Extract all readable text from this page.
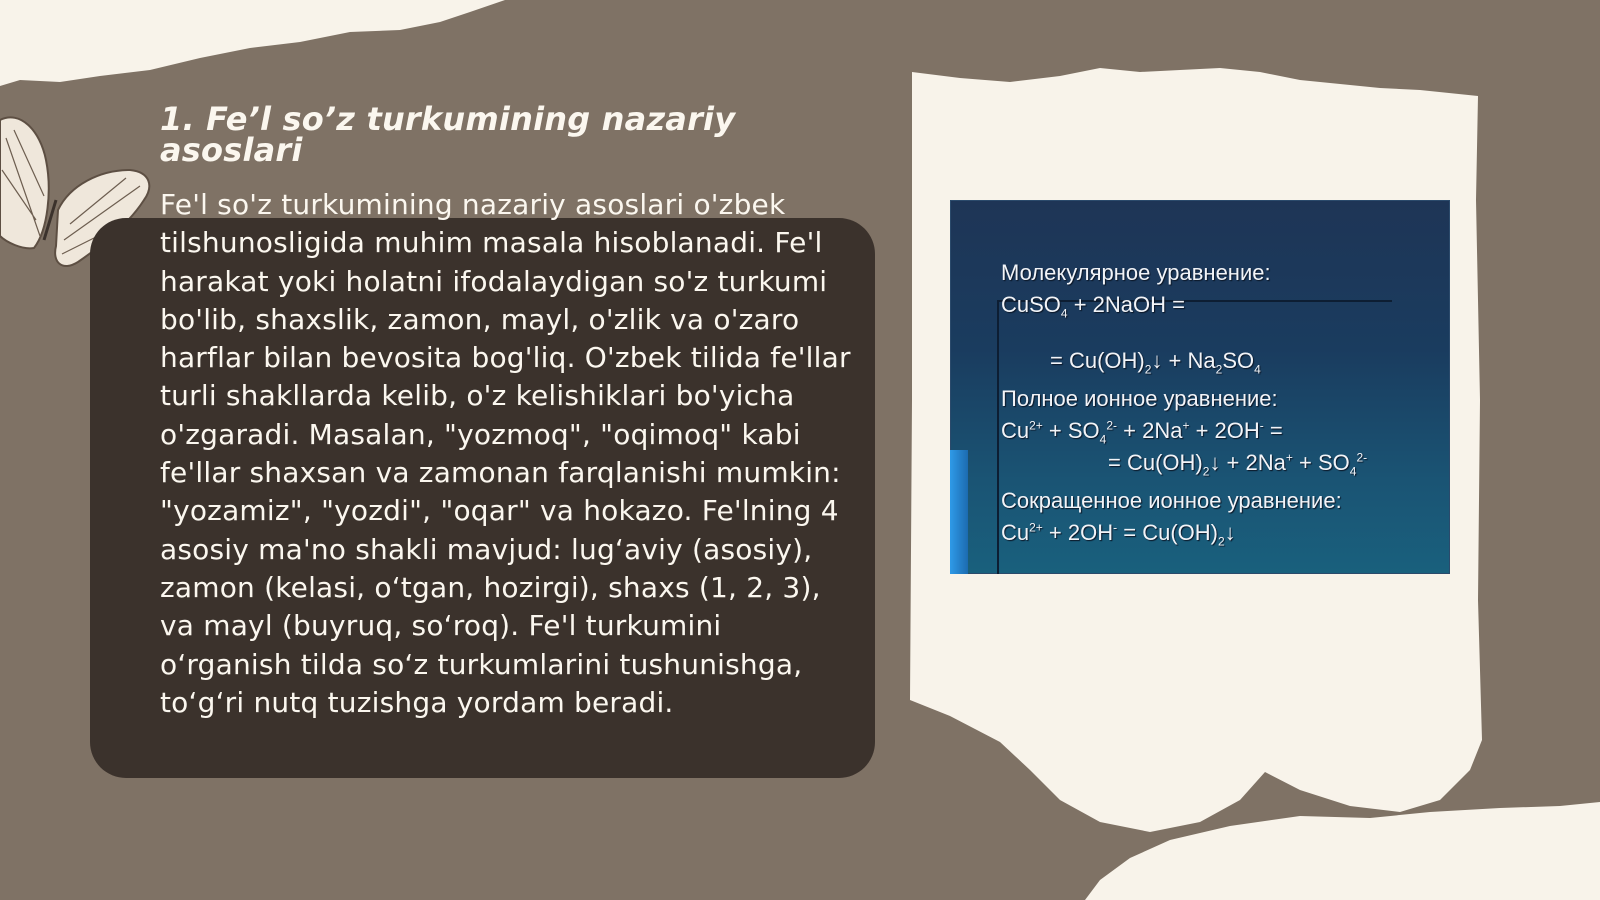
1. Fe’l so’z turkumining nazariy asoslari

Fe'l so'z turkumining nazariy asoslari o'zbek tilshunosligida muhim masala hisoblanadi. Fe'l harakat yoki holatni ifodalaydigan so'z turkumi bo'lib, shaxslik, zamon, mayl, o'zlik va o'zaro harflar bilan bevosita bog'liq. O'zbek tilida fe'llar turli shakllarda kelib, o'z kelishiklari bo'yicha o'zgaradi. Masalan, "yozmoq", "oqimoq" kabi fe'llar shaxsan va zamonan farqlanishi mumkin: "yozamiz", "yozdi", "oqar" va hokazo. Fe'lning 4 asosiy ma'no shakli mavjud: lug‘aviy (asosiy), zamon (kelasi, o‘tgan, hozirgi), shaxs (1, 2, 3), va mayl (buyruq, so‘roq). Fe'l turkumini o‘rganish tilda so‘z turkumlarini tushunishga, to‘g‘ri nutq tuzishga yordam beradi.

Молекулярное уравнение:
CuSO$_4$ + 2NaOH =
= $Cu(OH)_2↓ + Na_2SO_4$
Полное ионное уравнение:
$Cu^{2+} + SO_4^{2-} + 2Na^+ + 2OH^-$ =
= $Cu(OH)_2↓ + 2Na^+ + SO_4^{2-}$
Сокращенное ионное уравнение:
$Cu^{2+} + 2OH^-$ = $Cu(OH)_2↓$
